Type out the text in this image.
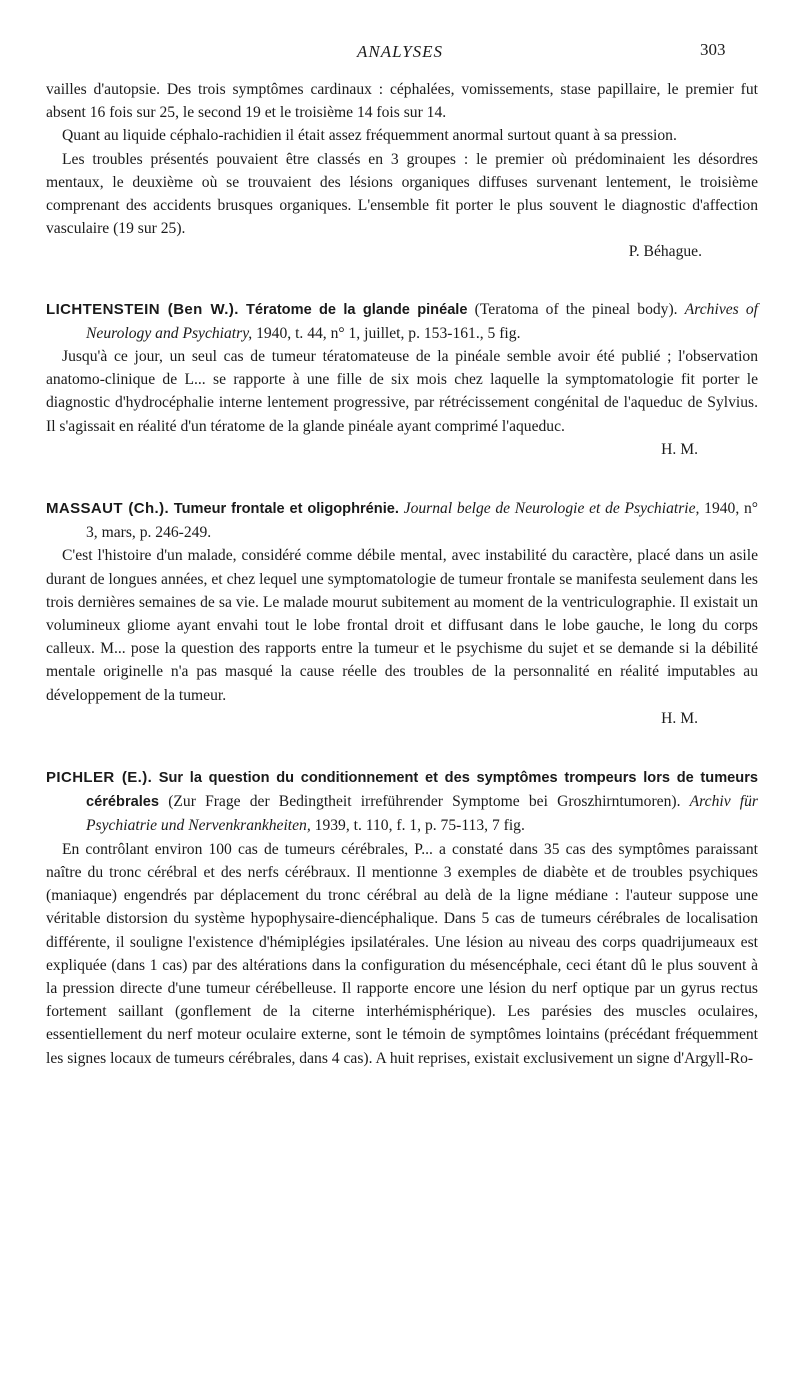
ANALYSES	303

vailles d'autopsie. Des trois symptômes cardinaux : céphalées, vomissements, stase papillaire, le premier fut absent 16 fois sur 25, le second 19 et le troisième 14 fois sur 14.

Quant au liquide céphalo-rachidien il était assez fréquemment anormal surtout quant à sa pression.

Les troubles présentés pouvaient être classés en 3 groupes : le premier où prédominaient les désordres mentaux, le deuxième où se trouvaient des lésions organiques diffuses survenant lentement, le troisième comprenant des accidents brusques organiques. L'ensemble fit porter le plus souvent le diagnostic d'affection vasculaire (19 sur 25).

P. Béhague.

LICHTENSTEIN (Ben W.). Tératome de la glande pinéale (Teratoma of the pineal body). Archives of Neurology and Psychiatry, 1940, t. 44, n° 1, juillet, p. 153-161., 5 fig.

Jusqu'à ce jour, un seul cas de tumeur tératomateuse de la pinéale semble avoir été publié ; l'observation anatomo-clinique de L... se rapporte à une fille de six mois chez laquelle la symptomatologie fit porter le diagnostic d'hydrocéphalie interne lentement progressive, par rétrécissement congénital de l'aqueduc de Sylvius. Il s'agissait en réalité d'un tératome de la glande pinéale ayant comprimé l'aqueduc.

H. M.

MASSAUT (Ch.). Tumeur frontale et oligophrénie. Journal belge de Neurologie et de Psychiatrie, 1940, n° 3, mars, p. 246-249.

C'est l'histoire d'un malade, considéré comme débile mental, avec instabilité du caractère, placé dans un asile durant de longues années, et chez lequel une symptomatologie de tumeur frontale se manifesta seulement dans les trois dernières semaines de sa vie. Le malade mourut subitement au moment de la ventriculographie. Il existait un volumineux gliome ayant envahi tout le lobe frontal droit et diffusant dans le lobe gauche, le long du corps calleux. M... pose la question des rapports entre la tumeur et le psychisme du sujet et se demande si la débilité mentale originelle n'a pas masqué la cause réelle des troubles de la personnalité en réalité imputables au développement de la tumeur.

H. M.

PICHLER (E.). Sur la question du conditionnement et des symptômes trompeurs lors de tumeurs cérébrales (Zur Frage der Bedingtheit irreführender Symptome bei Groszhirntumoren). Archiv für Psychiatrie und Nervenkrankheiten, 1939, t. 110, f. 1, p. 75-113, 7 fig.

En contrôlant environ 100 cas de tumeurs cérébrales, P... a constaté dans 35 cas des symptômes paraissant naître du tronc cérébral et des nerfs cérébraux. Il mentionne 3 exemples de diabète et de troubles psychiques (maniaque) engendrés par déplacement du tronc cérébral au delà de la ligne médiane : l'auteur suppose une véritable distorsion du système hypophysaire-diencéphalique. Dans 5 cas de tumeurs cérébrales de localisation différente, il souligne l'existence d'hémiplégies ipsilatérales. Une lésion au niveau des corps quadrijumeaux est expliquée (dans 1 cas) par des altérations dans la configuration du mésencéphale, ceci étant dû le plus souvent à la pression directe d'une tumeur cérébelleuse. Il rapporte encore une lésion du nerf optique par un gyrus rectus fortement saillant (gonflement de la citerne interhémisphérique). Les parésies des muscles oculaires, essentiellement du nerf moteur oculaire externe, sont le témoin de symptômes lointains (précédant fréquemment les signes locaux de tumeurs cérébrales, dans 4 cas). A huit reprises, existait exclusivement un signe d'Argyll-Ro-
